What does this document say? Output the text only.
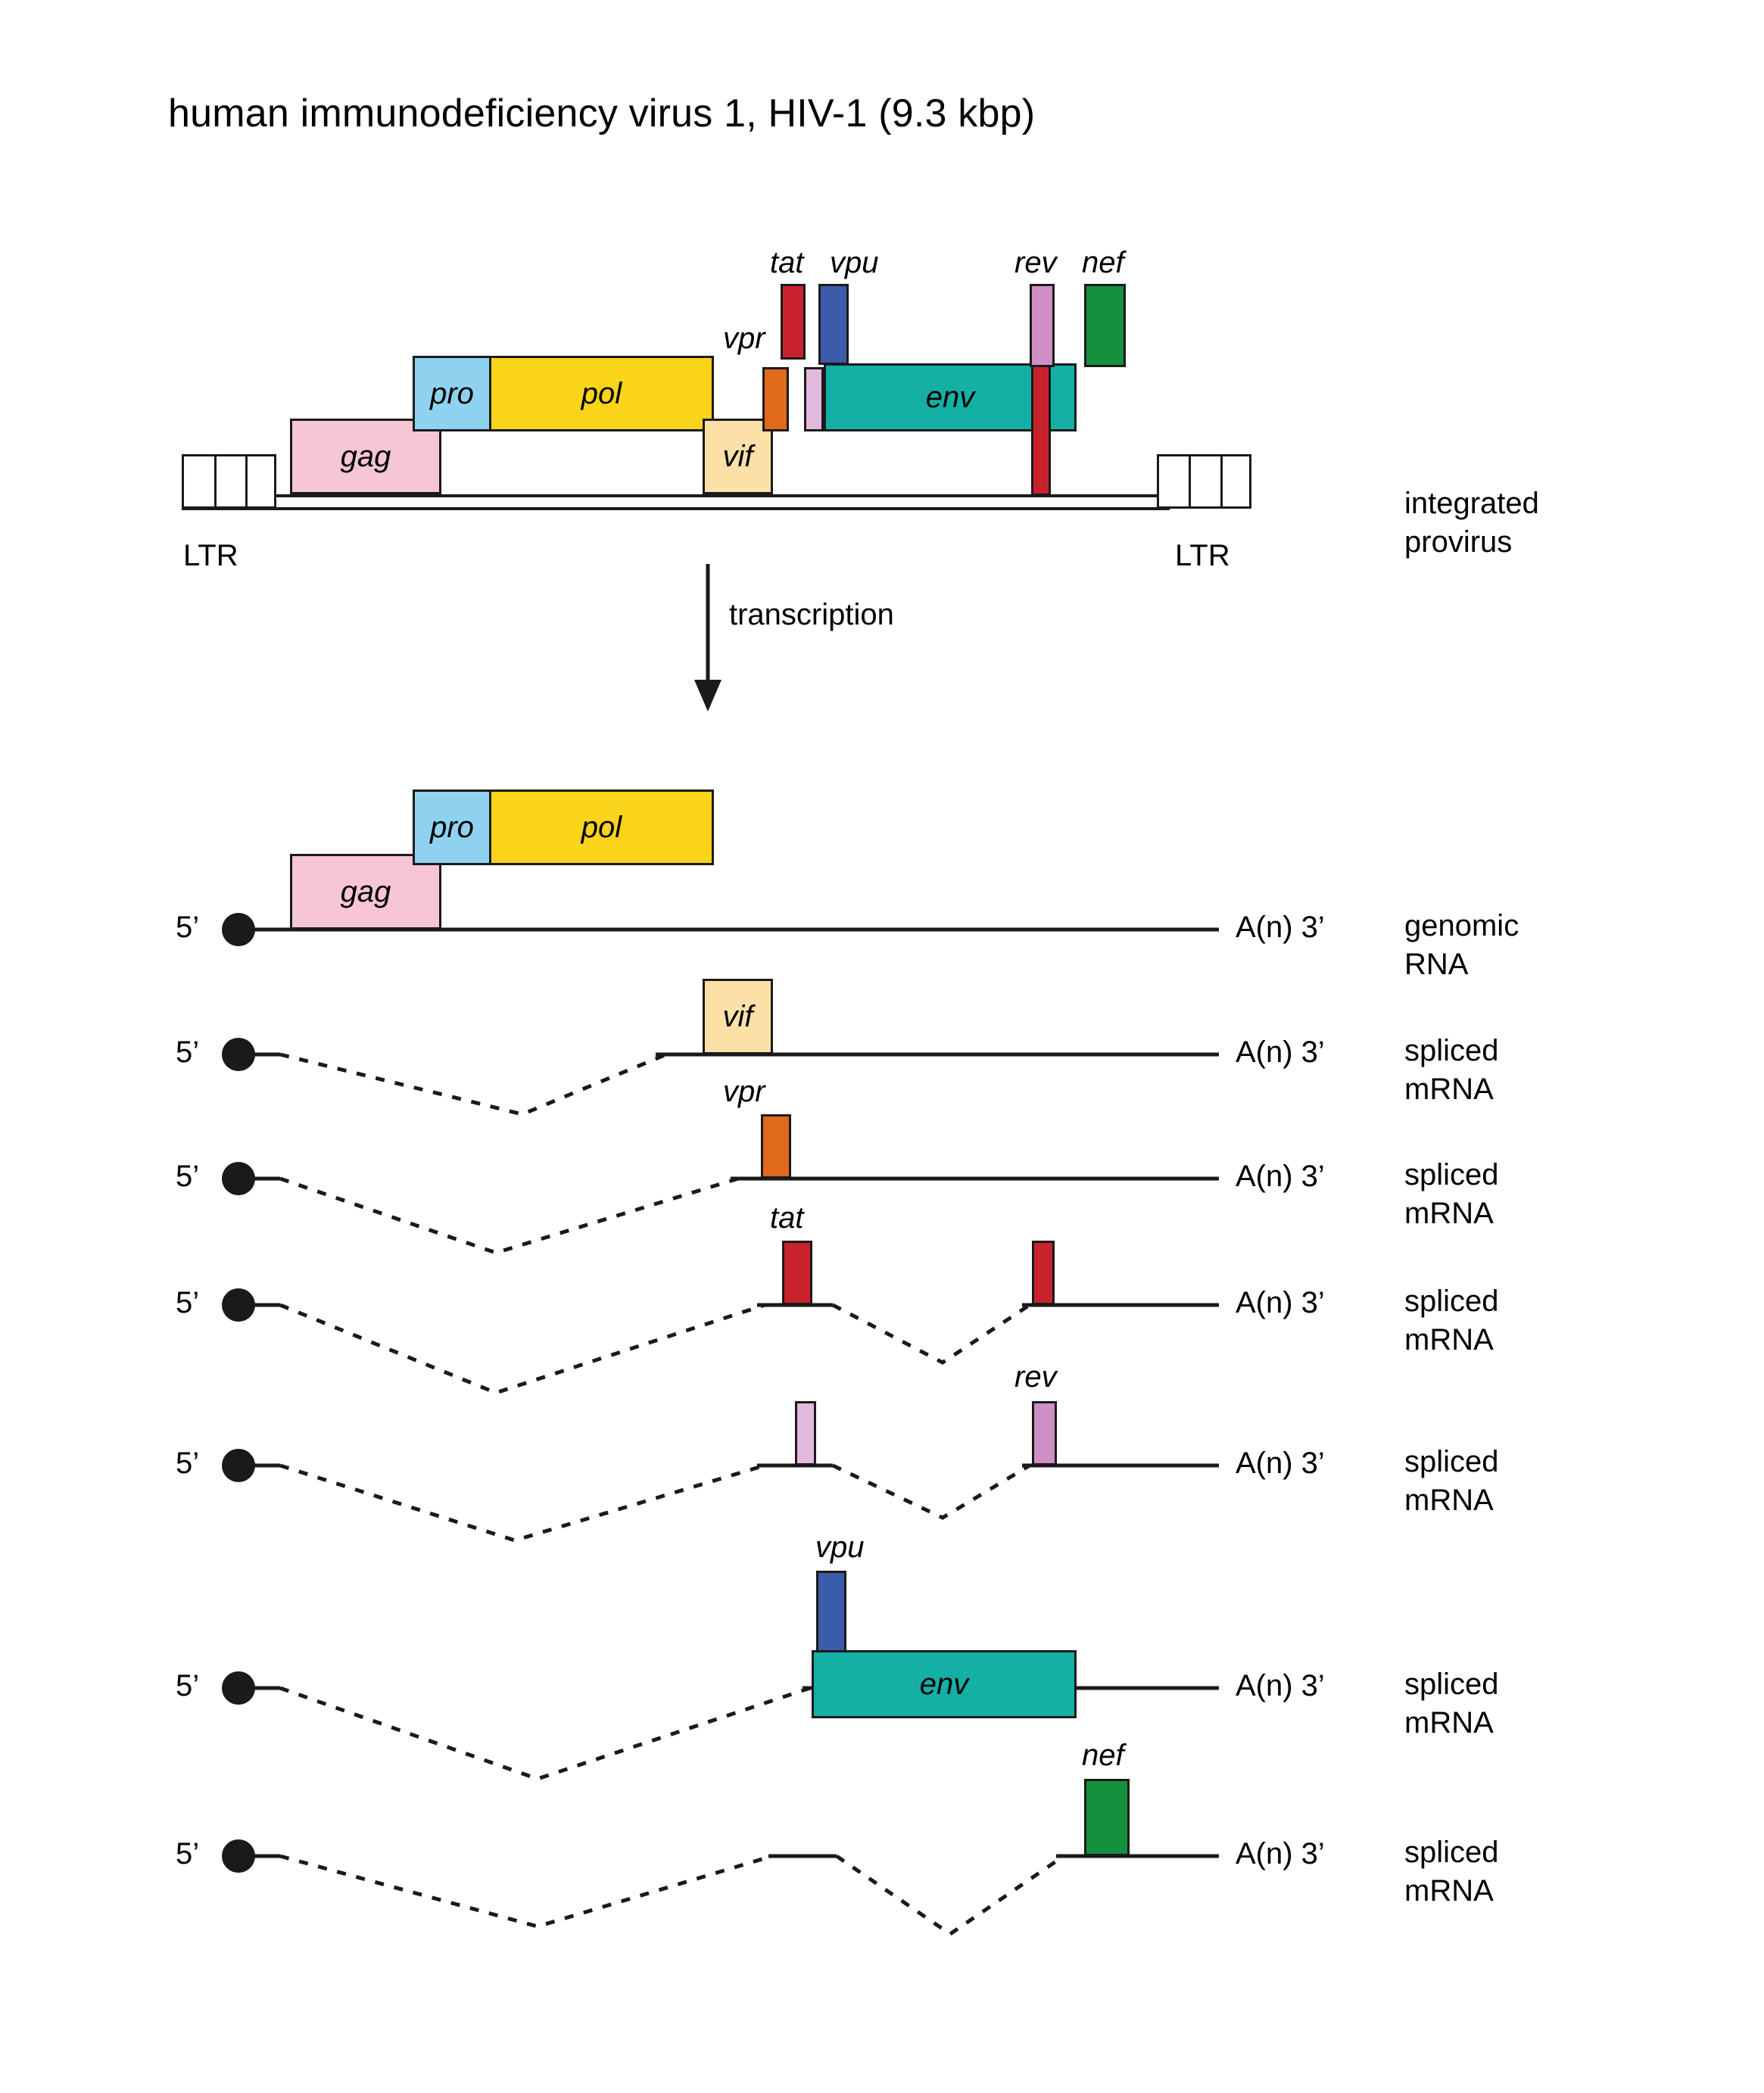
human immunodeficiency virus 1, HIV-1 (9.3 kbp)
LTR	LTR
gag
pro	pol
vif
vpr
tat vpu
env
rev nef
integrated
provirus
transcription
5’	A(n) 3’	genomic
RNA
gag
pro	pol
5’	A(n) 3’	spliced
mRNA
vif
5’	A(n) 3’	spliced
mRNA
vpr
5’	A(n) 3’	spliced
mRNA
tat
5’	A(n) 3’	spliced
mRNA
rev
5’	A(n) 3’	spliced
mRNA
vpu
env
5’	A(n) 3’	spliced
mRNA
nef
